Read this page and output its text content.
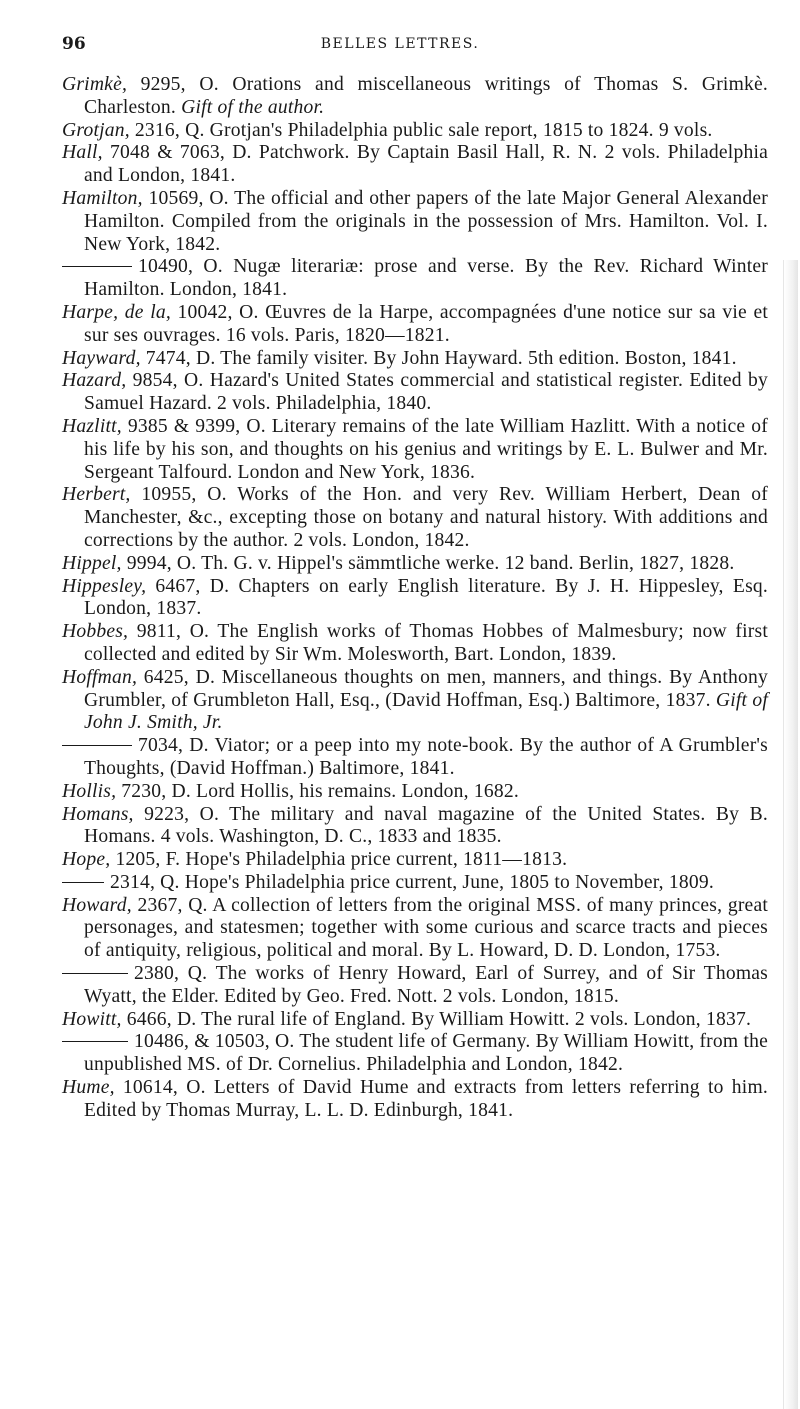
96	BELLES LETTRES.

Grimkè, 9295, O. Orations and miscellaneous writings of Thomas S. Grimkè. Charleston. Gift of the author.

Grotjan, 2316, Q. Grotjan's Philadelphia public sale report, 1815 to 1824. 9 vols.

Hall, 7048 & 7063, D. Patchwork. By Captain Basil Hall, R. N. 2 vols. Philadelphia and London, 1841.

Hamilton, 10569, O. The official and other papers of the late Major General Alexander Hamilton. Compiled from the originals in the possession of Mrs. Hamilton. Vol. I. New York, 1842.

10490, O. Nugæ literariæ: prose and verse. By the Rev. Richard Winter Hamilton. London, 1841.

Harpe, de la, 10042, O. Œuvres de la Harpe, accompagnées d'une notice sur sa vie et sur ses ouvrages. 16 vols. Paris, 1820—1821.

Hayward, 7474, D. The family visiter. By John Hayward. 5th edition. Boston, 1841.

Hazard, 9854, O. Hazard's United States commercial and statistical register. Edited by Samuel Hazard. 2 vols. Philadelphia, 1840.

Hazlitt, 9385 & 9399, O. Literary remains of the late William Hazlitt. With a notice of his life by his son, and thoughts on his genius and writings by E. L. Bulwer and Mr. Sergeant Talfourd. London and New York, 1836.

Herbert, 10955, O. Works of the Hon. and very Rev. William Herbert, Dean of Manchester, &c., excepting those on botany and natural history. With additions and corrections by the author. 2 vols. London, 1842.

Hippel, 9994, O. Th. G. v. Hippel's sämmtliche werke. 12 band. Berlin, 1827, 1828.

Hippesley, 6467, D. Chapters on early English literature. By J. H. Hippesley, Esq. London, 1837.

Hobbes, 9811, O. The English works of Thomas Hobbes of Malmesbury; now first collected and edited by Sir Wm. Molesworth, Bart. London, 1839.

Hoffman, 6425, D. Miscellaneous thoughts on men, manners, and things. By Anthony Grumbler, of Grumbleton Hall, Esq., (David Hoffman, Esq.) Baltimore, 1837. Gift of John J. Smith, Jr.

7034, D. Viator; or a peep into my note-book. By the author of A Grumbler's Thoughts, (David Hoffman.) Baltimore, 1841.

Hollis, 7230, D. Lord Hollis, his remains. London, 1682.

Homans, 9223, O. The military and naval magazine of the United States. By B. Homans. 4 vols. Washington, D. C., 1833 and 1835.

Hope, 1205, F. Hope's Philadelphia price current, 1811—1813.

2314, Q. Hope's Philadelphia price current, June, 1805 to November, 1809.

Howard, 2367, Q. A collection of letters from the original MSS. of many princes, great personages, and statesmen; together with some curious and scarce tracts and pieces of antiquity, religious, political and moral. By L. Howard, D. D. London, 1753.

2380, Q. The works of Henry Howard, Earl of Surrey, and of Sir Thomas Wyatt, the Elder. Edited by Geo. Fred. Nott. 2 vols. London, 1815.

Howitt, 6466, D. The rural life of England. By William Howitt. 2 vols. London, 1837.

10486, & 10503, O. The student life of Germany. By William Howitt, from the unpublished MS. of Dr. Cornelius. Philadelphia and London, 1842.

Hume, 10614, O. Letters of David Hume and extracts from letters referring to him. Edited by Thomas Murray, L. L. D. Edinburgh, 1841.
